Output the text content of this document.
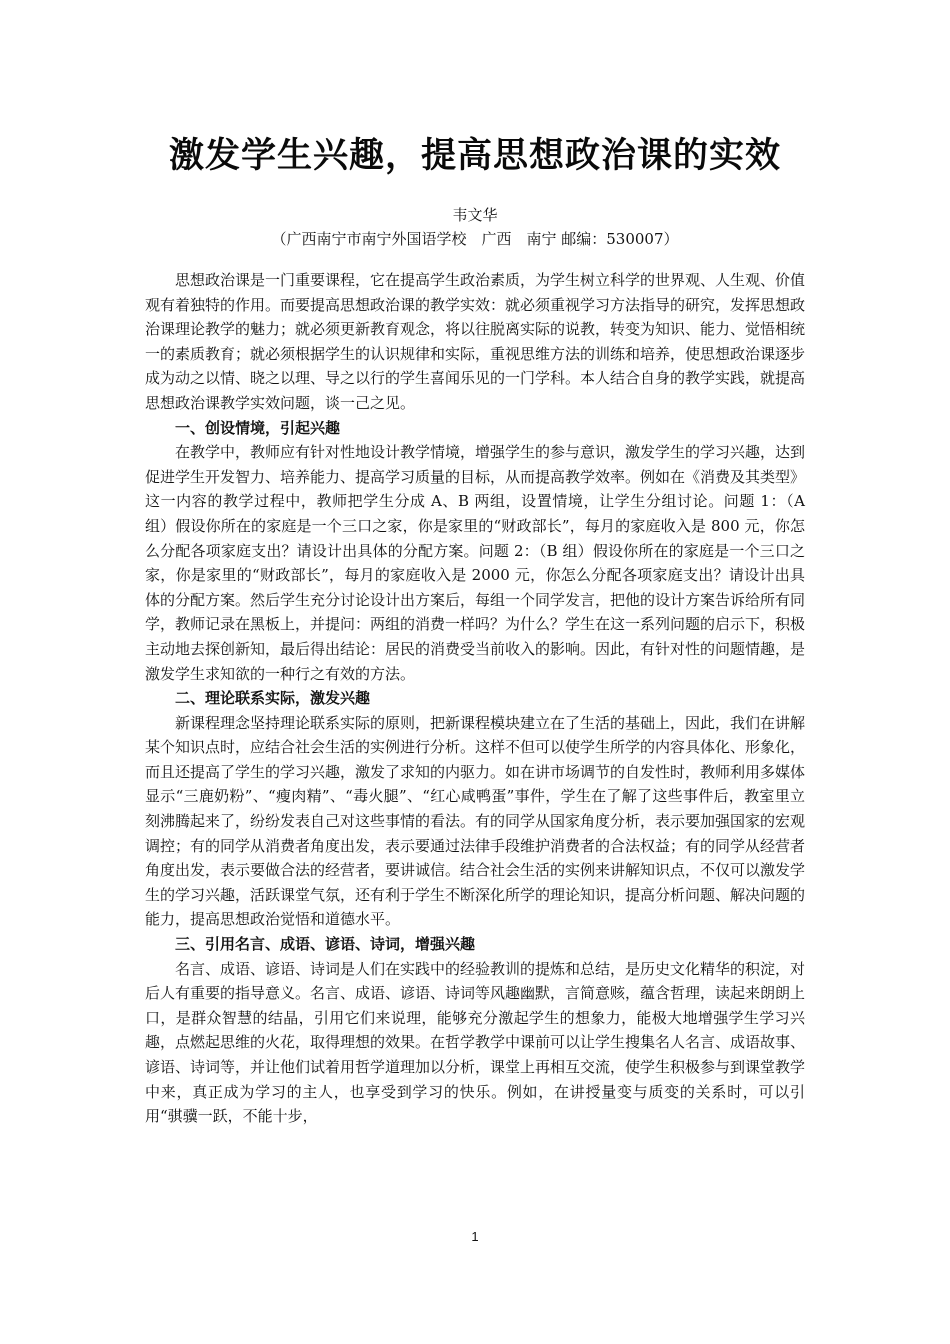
激发学生兴趣，提高思想政治课的实效
韦文华
（广西南宁市南宁外国语学校　广西　南宁 邮编：530007）

思想政治课是一门重要课程，它在提高学生政治素质，为学生树立科学的世界观、人生观、价值观有着独特的作用。而要提高思想政治课的教学实效：就必须重视学习方法指导的研究，发挥思想政治课理论教学的魅力；就必须更新教育观念，将以往脱离实际的说教，转变为知识、能力、觉悟相统一的素质教育；就必须根据学生的认识规律和实际，重视思维方法的训练和培养，使思想政治课逐步成为动之以情、晓之以理、导之以行的学生喜闻乐见的一门学科。本人结合自身的教学实践，就提高思想政治课教学实效问题，谈一己之见。

一、创设情境，引起兴趣

在教学中，教师应有针对性地设计教学情境，增强学生的参与意识，激发学生的学习兴趣，达到促进学生开发智力、培养能力、提高学习质量的目标，从而提高教学效率。例如在《消费及其类型》这一内容的教学过程中，教师把学生分成 A、B 两组，设置情境，让学生分组讨论。问题 1：（A 组）假设你所在的家庭是一个三口之家，你是家里的“财政部长”，每月的家庭收入是 800 元，你怎么分配各项家庭支出？请设计出具体的分配方案。问题 2：（B 组）假设你所在的家庭是一个三口之家，你是家里的“财政部长”，每月的家庭收入是 2000 元，你怎么分配各项家庭支出？请设计出具体的分配方案。然后学生充分讨论设计出方案后，每组一个同学发言，把他的设计方案告诉给所有同学，教师记录在黑板上，并提问：两组的消费一样吗？为什么？学生在这一系列问题的启示下，积极主动地去探创新知，最后得出结论：居民的消费受当前收入的影响。因此，有针对性的问题情趣，是激发学生求知欲的一种行之有效的方法。

二、理论联系实际，激发兴趣

新课程理念坚持理论联系实际的原则，把新课程模块建立在了生活的基础上，因此，我们在讲解某个知识点时，应结合社会生活的实例进行分析。这样不但可以使学生所学的内容具体化、形象化，而且还提高了学生的学习兴趣，激发了求知的内驱力。如在讲市场调节的自发性时，教师利用多媒体显示“三鹿奶粉”、“瘦肉精”、“毒火腿”、“红心咸鸭蛋”事件，学生在了解了这些事件后，教室里立刻沸腾起来了，纷纷发表自己对这些事情的看法。有的同学从国家角度分析，表示要加强国家的宏观调控；有的同学从消费者角度出发，表示要通过法律手段维护消费者的合法权益；有的同学从经营者角度出发，表示要做合法的经营者，要讲诚信。结合社会生活的实例来讲解知识点，不仅可以激发学生的学习兴趣，活跃课堂气氛，还有利于学生不断深化所学的理论知识，提高分析问题、解决问题的能力，提高思想政治觉悟和道德水平。

三、引用名言、成语、谚语、诗词，增强兴趣

名言、成语、谚语、诗词是人们在实践中的经验教训的提炼和总结，是历史文化精华的积淀，对后人有重要的指导意义。名言、成语、谚语、诗词等风趣幽默，言简意赅，蕴含哲理，读起来朗朗上口，是群众智慧的结晶，引用它们来说理，能够充分激起学生的想象力，能极大地增强学生学习兴趣，点燃起思维的火花，取得理想的效果。在哲学教学中课前可以让学生搜集名人名言、成语故事、谚语、诗词等，并让他们试着用哲学道理加以分析，课堂上再相互交流，使学生积极参与到课堂教学中来，真正成为学习的主人，也享受到学习的快乐。例如，在讲授量变与质变的关系时，可以引用“骐骥一跃，不能十步，

1
